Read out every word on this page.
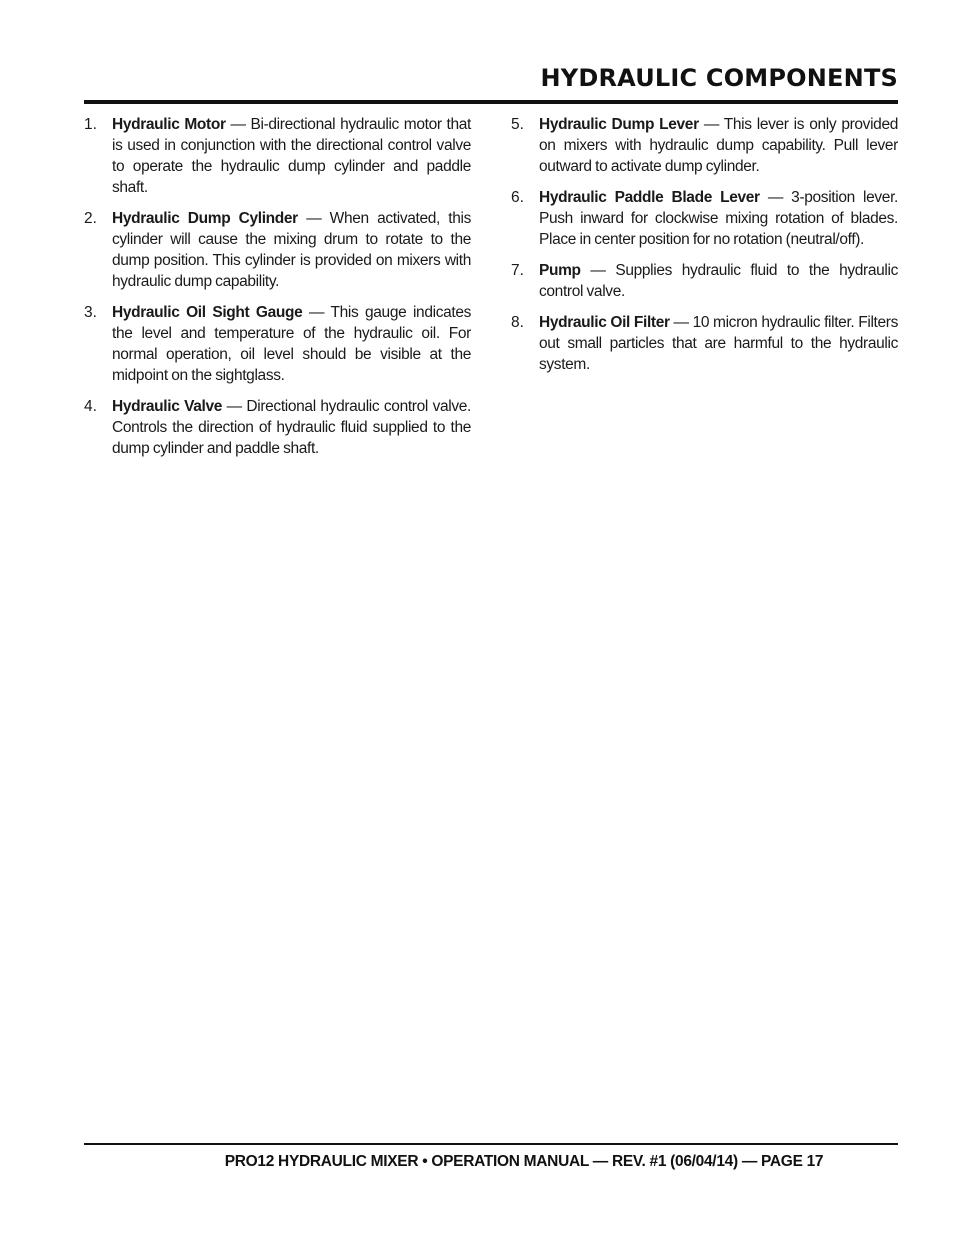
HYDRAULIC COMPONENTS
1. Hydraulic Motor — Bi-directional hydraulic motor that is used in conjunction with the directional control valve to operate the hydraulic dump cylinder and paddle shaft.
2. Hydraulic Dump Cylinder — When activated, this cylinder will cause the mixing drum to rotate to the dump position. This cylinder is provided on mixers with hydraulic dump capability.
3. Hydraulic Oil Sight Gauge — This gauge indicates the level and temperature of the hydraulic oil. For normal operation, oil level should be visible at the midpoint on the sightglass.
4. Hydraulic Valve — Directional hydraulic control valve. Controls the direction of hydraulic fluid supplied to the dump cylinder and paddle shaft.
5. Hydraulic Dump Lever — This lever is only provided on mixers with hydraulic dump capability. Pull lever outward to activate dump cylinder.
6. Hydraulic Paddle Blade Lever — 3-position lever. Push inward for clockwise mixing rotation of blades. Place in center position for no rotation (neutral/off).
7. Pump — Supplies hydraulic fluid to the hydraulic control valve.
8. Hydraulic Oil Filter — 10 micron hydraulic filter. Filters out small particles that are harmful to the hydraulic system.
PRO12 HYDRAULIC MIXER • OPERATION MANUAL — REV. #1 (06/04/14) — PAGE 17
